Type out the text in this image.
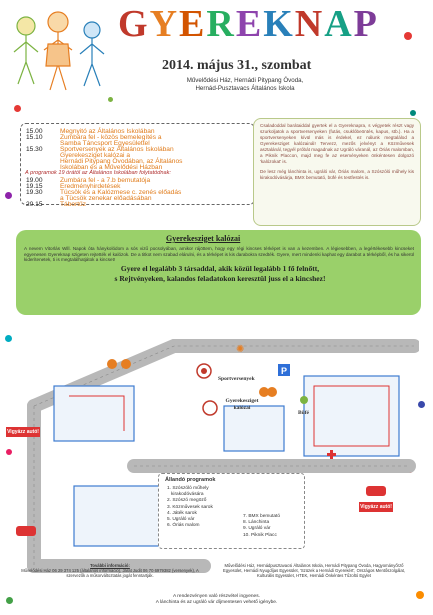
GYEREKNAP
2014. május 31., szombat
Művelődési Ház, Hernádi Pitypang Óvoda,
Hernád-Pusztavacs Általános Iskola
15.00	Megnyitó az Általános Iskolában
15.10	Zumbára fel - közös bemelegítés a
Samba Táncsport Egyesülettel
15.30	Sportversenyek az Általános Iskolában
Gyerekesziget kalózai a
Hernádi Pitypang Óvodában, az Általános
Iskolában és a Művelődési Házban
A programok 19 órától az Általános Iskolában folytatódnak:
19.00	Zumbára fel - a 7.b bemutatója
19.15	Eredményhirdetések
19.30	Tücsök és a Kalózmese c. zenés előadás
a Tücsök zenekar előadásában
20.15	Tábortűz

Csaladoddal barátaiddal gyertek el a Gyereknapra, s végyetek részt vagy szurkoljatok a sportversenyeken (futás, csuklóbeöntés, kapus, stb.). Ha a sportversenyeken kívül más is érdekel, ez nálunk megtalálod a Gyerekesziget kalózainál! Tervezz, mezős jelvényt a Közművesek asztalánál, tegyél próbát magadnak az Ugráló váranál, az Óriás malomban, a Piknik Placcon, majd meg fe az eseményeken önkéntesen dolgozó 'kalózokat' is.

De lesz még lánchinta is, ugráló vár, Óriás malom, a Szószóló műhely kis kirakodóvásárja, BMX bemutató, büfé és testfestés is.

Gyerekesziget kalózai
A nevem Vitorlás Will. Napok óta hánykolódom a sós vizű pocsolyában, amikor rájöttem, hogy egy régi kincses térképet is van a kezemben. A légiesebben, a legértékesebb kincseket egyenesen Gyereknap szigeten rejtették el kalózok. De a titkot nem szabad elárulni, és a térképet is kis darabokra szedték. Gyere, mert mindenki kaphat egy darabot a térképből, és ha sikerül kiderítenetek, ti is megtalálhatjátok a kincset!
Gyere el legalább 3 társaddal, akik közül legalább 1 fő felnőtt,
s Rejtvényeken, kalandos feladatokon keresztül juss el a kincshez!
P
✺
Sportversenyek
Gyerekesziget kalózai
Büfé
Vigyázz autó!
Vigyázz autó!
Állandó programok
1. Szószóló műhely
kirakodóvására
2. Szószó megöző
3. Közművesek sarok
4. Játék sarok
5. Ugráló vár
6. Óriás malom
7. BMX bemutató
8. Lánchinta
9. Ugráló vár
10. Piknik Placc
További információ:
Művelődési Ház 06 29 374 125 (általános információ), Járat Judit 06 70 6979382 (versenyek), A szervezők a műsorváltoztatás jogát fenntartják.
Művelődési Ház, Hernádpusztavacsi Általános Iskola, Hernádi Pitypang Óvoda, Hagyományőrző Egyesület, Hernádi Nyugdíjas Egyesület, 'Szüzek a Hernádi Gyerekért', Országos Mentőszolgálat, Kulturális Egyesület, HTEK, Hernádi Önkéntes Tűzoltó Egylet
A rendezvényen való részvétel ingyenes.
A lánchinta és az ugráló vár díjmentesen vehető igénybe.
